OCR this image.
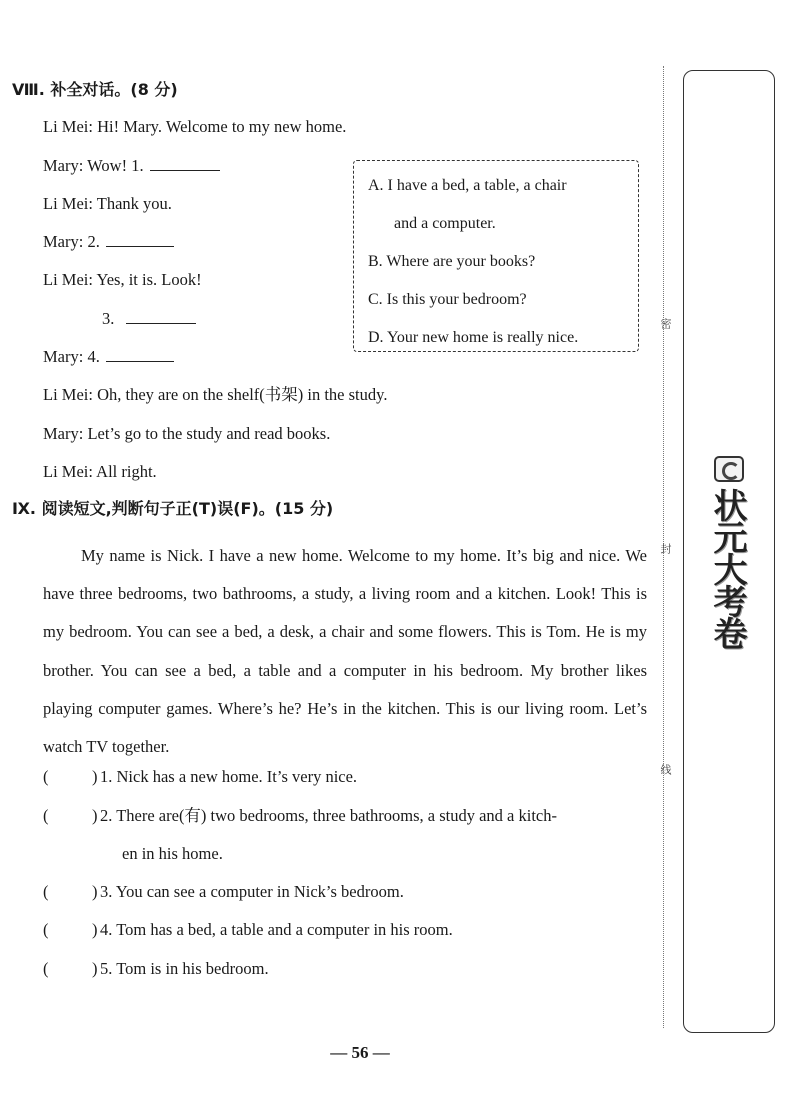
Ⅷ. 补全对话。(8 分)
Li Mei: Hi! Mary. Welcome to my new home.
Mary: Wow! 1.
Li Mei: Thank you.
Mary: 2.
Li Mei: Yes, it is. Look!
3.
Mary: 4.
Li Mei: Oh, they are on the shelf(书架) in the study.
Mary: Let’s go to the study and read books.
Li Mei: All right.
A. I have a bed, a table, a chair
and a computer.
B. Where are your books?
C. Is this your bedroom?
D. Your new home is really nice.
Ⅸ. 阅读短文,判断句子正(T)误(F)。(15 分)
My name is Nick. I have a new home. Welcome to my home. It’s big and nice. We have three bedrooms, two bathrooms, a study, a living room and a kitchen. Look! This is my bedroom. You can see a bed, a desk, a chair and some flowers. This is Tom. He is my brother. You can see a bed, a table and a computer in his bedroom. My brother likes playing computer games. Where’s he? He’s in the kitchen. This is our living room. Let’s watch TV together.
(	) 1. Nick has a new home. It’s very nice.
(	) 2. There are(有) two bedrooms, three bathrooms, a study and a kitch-
en in his home.
(	) 3. You can see a computer in Nick’s bedroom.
(	) 4. Tom has a bed, a table and a computer in his room.
(	) 5. Tom is in his bedroom.
密
封
线
状元大考卷
— 56 —
